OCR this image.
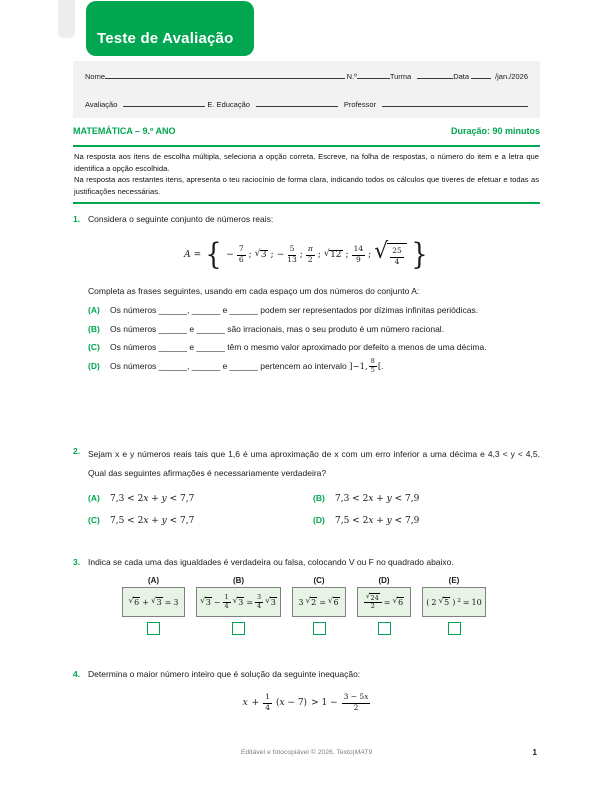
Teste de Avaliação
Nome	N.º	Turma	Data	/jan./2026
Avaliação	E. Educação	Professor
MATEMÁTICA – 9.º ANO	Duração: 90 minutos

Na resposta aos itens de escolha múltipla, seleciona a opção correta. Escreve, na folha de respostas, o número do item e a letra que identifica a opção escolhida.

Na resposta aos restantes itens, apresenta o teu raciocínio de forma clara, indicando todos os cálculos que tiveres de efetuar e todas as justificações necessárias.

1. Considera o seguinte conjunto de números reais:
A = { − $\frac{7}{6}$ ; √ 3 ; − $\frac{5}{13}$ ; $\frac{\pi}{2}$ ; √ 12 ; $\frac{14}{9}$ ; √ $\frac{25}{4}$ }
Completa as frases seguintes, usando em cada espaço um dos números do conjunto A:
(A)	Os números ______, ______ e ______ podem ser representados por dízimas infinitas periódicas.
(B)	Os números ______ e ______ são irracionais, mas o seu produto é um número racional.
(C)	Os números ______ e ______ têm o mesmo valor aproximado por defeito a menos de uma décima.
(D)	Os números ______, ______ e ______ pertencem ao intervalo ]−1, $\frac{8}{5}$ [.
2. Sejam x e y números reais tais que 1,6 é uma aproximação de x com um erro inferior a uma décima e 4,3 < y < 4,5. Qual das seguintes afirmações é necessariamente verdadeira?
(A)	7,3 < 2x + y < 7,7	(B)	7,3 < 2x + y < 7,9
(C)	7,5 < 2x + y < 7,7	(D)	7,5 < 2x + y < 7,9
3. Indica se cada uma das igualdades é verdadeira ou falsa, colocando V ou F no quadrado abaixo.
(A)
√ 6 + √ 3 = 3
(B)
√ $3 - \frac{1}{4}$ √ $3 = \frac{3}{4}$ √ 3
(C)
3 √ 2 = √ 6
(D)
$\frac{√ 24}{2}$ = √ 6
(E)
( 2 √ 5 ) 2 = 10
4. Determina o maior número inteiro que é solução da seguinte inequação:
$x + \frac{1}{4} (x - 7) > 1 - \frac{3 - 5 x}{2}$
Editável e fotocopiável © 2026, Texto|MAT9	1
